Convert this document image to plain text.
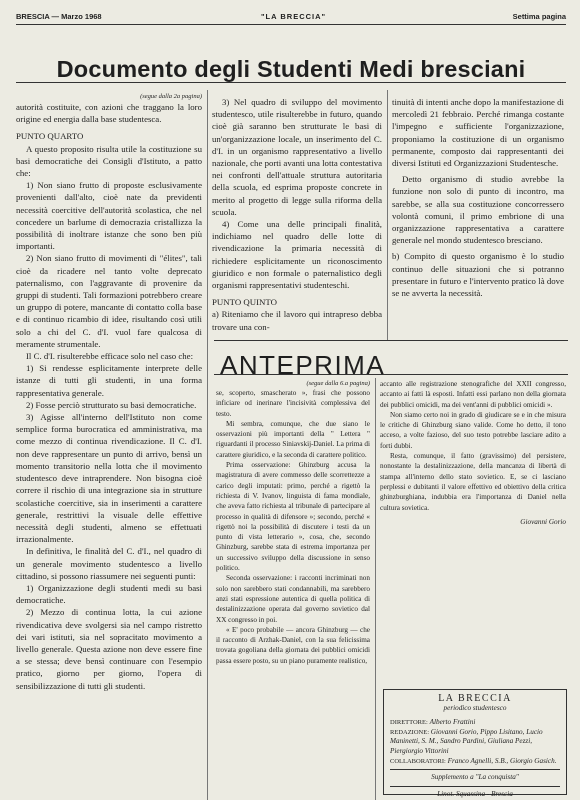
BRESCIA — Marzo 1968	"LA BRECCIA"	Settima pagina
Documento degli Studenti Medi bresciani

(segue dalla 2a pagina)

autorità costituite, con azioni che traggano la loro origine ed energia dalla base studentesca.

PUNTO QUARTO

A questo proposito risulta utile la costituzione su basi democratiche dei Consigli d'Istituto, a patto che:

1) Non siano frutto di proposte esclusivamente provenienti dall'alto, cioè nate da previdenti necessità coercitive dell'autorità scolastica, che nel concedere un barlume di democrazia cristallizza la possibilità di inoltrare istanze che sono ben più importanti.

2) Non siano frutto di movimenti di "élites", tali cioè da ricadere nel tanto volte deprecato paternalismo, con l'aggravante di provenire da gruppi di studenti. Tali formazioni potrebbero creare un gruppo di potere, mancante di contatto colla base e di continuo ricambio di idee, risultando così utili solo a chi del C. d'I. vuol fare qualcosa di meramente strumentale.

Il C. d'I. risulterebbe efficace solo nel caso che:

1) Si rendesse esplicitamente interprete delle istanze di tutti gli studenti, in una forma rappresentativa generale.

2) Fosse perciò strutturato su basi democratiche.

3) Agisse all'interno dell'Istituto non come semplice forma burocratica ed amministrativa, ma come mezzo di continua rivendicazione. Il C. d'I. non deve rappresentare un punto di arrivo, bensì un momento transitorio nella lotta che il movimento studentesco deve intraprendere. Non bisogna cioè correre il rischio di una integrazione sia in strutture scolastiche coercitive, sia in inserimenti a carattere generale, restrittivi la visuale delle effettive necessità degli studenti, almeno se effettuati irrazionalmente.

In definitiva, le finalità del C. d'I., nel quadro di un generale movimento studentesco a livello cittadino, si possono riassumere nei seguenti punti:

1) Organizzazione degli studenti medi su basi democratiche.

2) Mezzo di continua lotta, la cui azione rivendicativa deve svolgersi sia nel campo ristretto dei vari istituti, sia nel sopracitato movimento a livello generale. Questa azione non deve essere fine a se stessa; deve bensì continuare con l'esempio pratico, giorno per giorno, l'opera di sensibilizzazione di tutti gli studenti.

3) Nel quadro di sviluppo del movimento studentesco, utile risulterebbe in futuro, quando cioè già saranno ben strutturate le basi di un'organizzazione locale, un inserimento del C. d'I. in un organismo rappresentativo a livello nazionale, che porti avanti una lotta contestativa nei confronti dell'attuale struttura autoritaria della scuola, ed esprima proposte concrete in merito al progetto di legge sulla riforma della scuola.

4) Come una delle principali finalità, indichiamo nel quadro delle lotte di rivendicazione la primaria necessità di richiedere esplicitamente un riconoscimento giuridico e non formale o paternalistico degli organismi rappresentativi studenteschi.

PUNTO QUINTO

a) Riteniamo che il lavoro qui intrapreso debba trovare una con-

tinuità di intenti anche dopo la manifestazione di mercoledì 21 febbraio. Perché rimanga costante l'impegno e sufficiente l'organizzazione, proponiamo la costituzione di un organismo permanente, composto dai rappresentanti dei diversi Istituti ed Organizzazioni Studentesche.

Detto organismo di studio avrebbe la funzione non solo di punto di incontro, ma sarebbe, se alla sua costituzione concorressero volontà comuni, il primo embrione di una organizzazione rappresentativa a carattere generale nel mondo studentesco bresciano.

b) Compito di questo organismo è lo studio continuo delle situazioni che si potranno presentare in futuro e l'intervento pratico là dove se ne avverta la necessità.

ANTEPRIMA

(segue dalla 6.a pagina)

se, scoperto, smascherato », frasi che possono inficiare od inerinare l'incisività complessiva del testo.

Mi sembra, comunque, che due siano le osservazioni più importanti della " Lettera " riguardanti il processo Siniavskij-Daniel. La prima di carattere giuridico, e la seconda di carattere politico.

Prima osservazione: Ghinzburg accusa la magistratura di avere commesso delle scorrettezze a carico degli imputati: primo, perché a rigettò la richiesta di V. Ivanov, linguista di fama mondiale, che aveva fatto richiesta al tribunale di partecipare al processo in qualità di difensore »; secondo, perché « rigettò noi la possibilità di discutere i testi da un punto di vista letterario », cosa, che, secondo Ghinzburg, sarebbe stata di estrema importanza per un successivo sviluppo della discussione in senso politico.

Seconda osservazione: i racconti incriminati non solo non sarebbero stati condannabili, ma sarebbero anzi stati espressione autentica di quella politica di destalinizzazione operata dal governo sovietico dal XX congresso in poi.

« E' poco probabile — ancora Ghinzburg — che il racconto di Arzhak-Daniel, con la sua felicissima trovata gogoliana della giornata dei pubblici omicidi passa essere posto, su un piano puramente realistico,

accanto alle registrazione stenografiche del XXII congresso, accanto ai fatti là esposti. Infatti essi parlano non della giornata dei pubblici omicidi, ma dei vent'anni di pubblici omicidi ».

Non siamo certo noi in grado di giudicare se e in che misura le critiche di Ghinzburg siano valide. Come ho detto, il tono acceso, a volte fazioso, del suo testo potrebbe lasciare adito a forti dubbi.

Resta, comunque, il fatto (gravissimo) del persistere, nonostante la destalinizzazione, della mancanza di libertà di stampa all'interno dello stato sovietico. E, se ci lasciano perplessi e dubitanti il valore effettivo ed obiettivo della critica ghinzburghiana, indubbia era l'importanza di Daniel nella cultura sovietica.

Giovanni Gorio

LA BRECCIA
periodico studentesco
DIRETTORE: Alberto Frattini
REDAZIONE: Giovanni Gorio, Pippo Lisitano, Lucio Maninetti, S. M., Sandro Pardini, Giuliana Pezzi, Piergiorgio Vittorini
COLLABORATORI: Franco Agnelli, S.B., Giorgio Gasich.
Supplemento a "La conquista"
Linot. Squassina - Brescia
